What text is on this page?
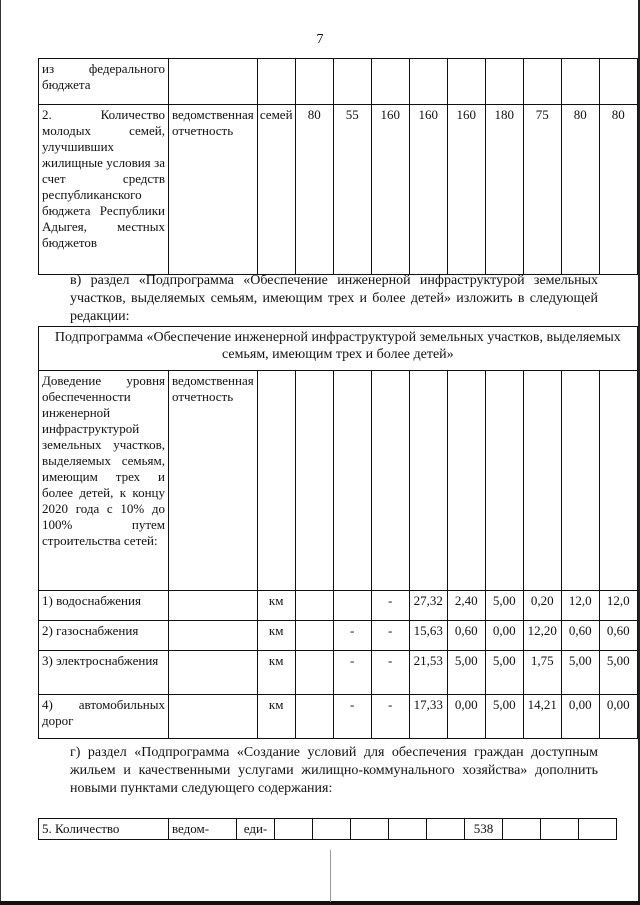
7
из федерального бюджета											
2. Количество молодых семей, улучшивших жилищные условия за счет средств республиканского бюджета Республики Адыгея, местных бюджетов	ведомственная отчетность	семей	80	55	160	160	160	180	75	80	80
в) раздел «Подпрограмма «Обеспечение инженерной инфраструктурой земельных участков, выделяемых семьям, имеющим трех и более детей» изложить в следующей редакции:
Подпрограмма «Обеспечение инженерной инфраструктурой земельных участков, выделяемых семьям, имеющим трех и более детей»											
Доведение уровня обеспеченности инженерной инфраструктурой земельных участков, выделяемых семьям, имеющим трех и более детей, к концу 2020 года с 10% до 100% путем строительства сетей:	ведомственная отчетность										
1) водоснабжения		км			-	27,32	2,40	5,00	0,20	12,0	12,0
2) газоснабжения		км		-	-	15,63	0,60	0,00	12,20	0,60	0,60
3) электроснабжения		км		-	-	21,53	5,00	5,00	1,75	5,00	5,00
4) автомобильных дорог		км		-	-	17,33	0,00	5,00	14,21	0,00	0,00
г) раздел «Подпрограмма «Создание условий для обеспечения граждан доступным жильем и качественными услугами жилищно-коммунального хозяйства» дополнить новыми пунктами следующего содержания:
5. Количество	ведом-	еди-						538			
